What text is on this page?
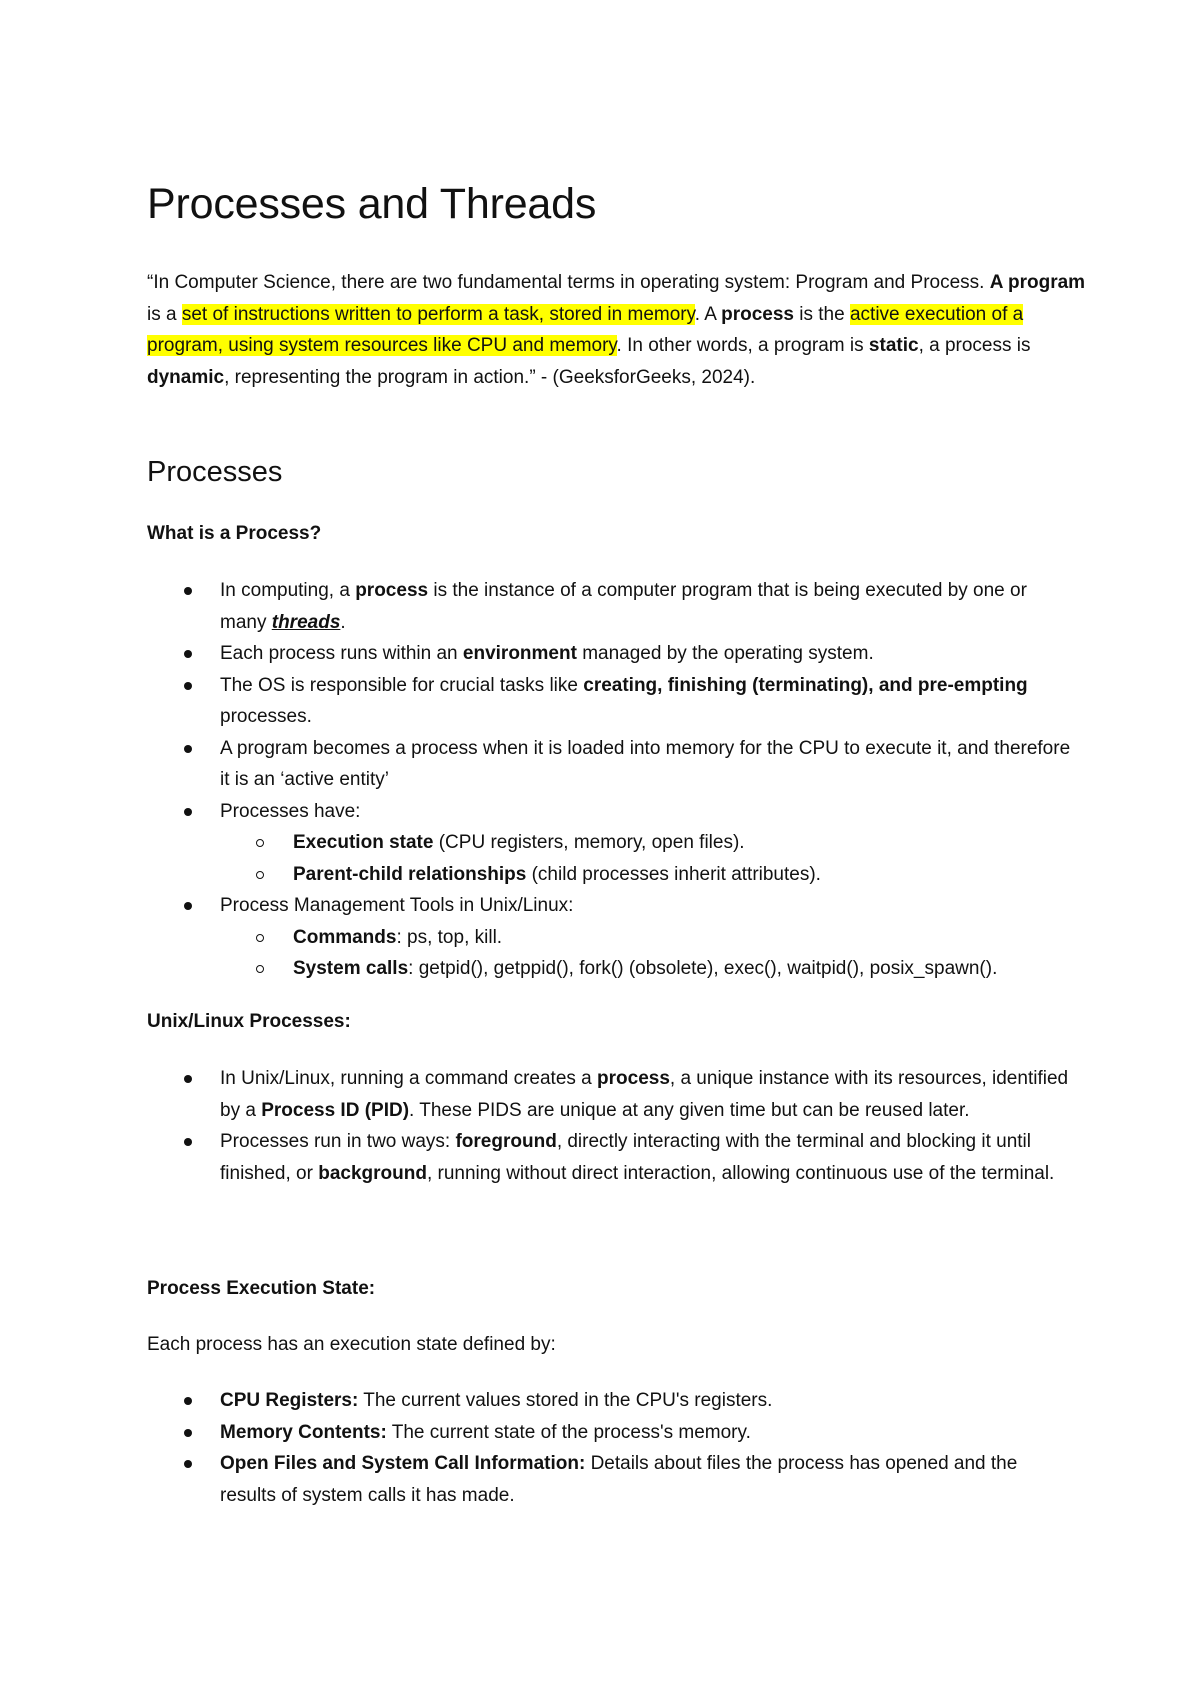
Processes and Threads

“In Computer Science, there are two fundamental terms in operating system: Program and Process. A program is a set of instructions written to perform a task, stored in memory. A process is the active execution of a program, using system resources like CPU and memory. In other words, a program is static, a process is dynamic, representing the program in action.” - (GeeksforGeeks, 2024).

Processes

What is a Process?

In computing, a process is the instance of a computer program that is being executed by one or many threads.
Each process runs within an environment managed by the operating system.
The OS is responsible for crucial tasks like creating, finishing (terminating), and pre-empting processes.
A program becomes a process when it is loaded into memory for the CPU to execute it, and therefore it is an ‘active entity’
Processes have:
Execution state (CPU registers, memory, open files).
Parent-child relationships (child processes inherit attributes).
Process Management Tools in Unix/Linux:
Commands: ps, top, kill.
System calls: getpid(), getppid(), fork() (obsolete), exec(), waitpid(), posix_spawn().

Unix/Linux Processes:

In Unix/Linux, running a command creates a process, a unique instance with its resources, identified by a Process ID (PID). These PIDS are unique at any given time but can be reused later.
Processes run in two ways: foreground, directly interacting with the terminal and blocking it until finished, or background, running without direct interaction, allowing continuous use of the terminal.

Process Execution State:

Each process has an execution state defined by:

CPU Registers: The current values stored in the CPU's registers.
Memory Contents: The current state of the process's memory.
Open Files and System Call Information: Details about files the process has opened and the results of system calls it has made.
